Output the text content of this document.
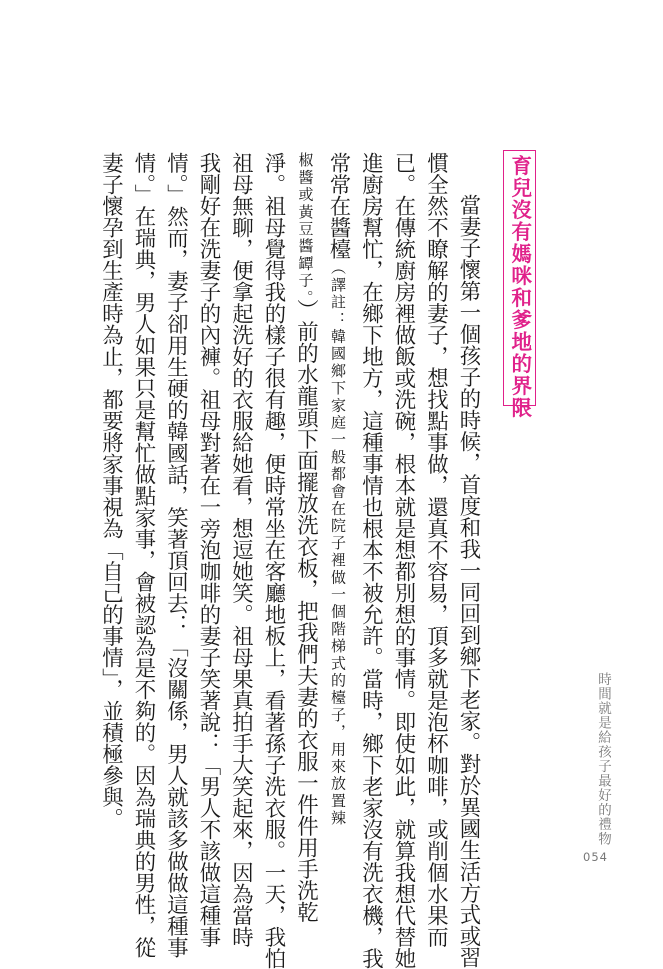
育兒沒有媽咪和爹地的界限
當妻子懷第一個孩子的時候，首度和我一同回到鄉下老家。對於異國生活方式或習
慣全然不瞭解的妻子，想找點事做，還真不容易，頂多就是泡杯咖啡，或削個水果而
已。在傳統廚房裡做飯或洗碗，根本就是想都別想的事情。即使如此，就算我想代替她
進廚房幫忙，在鄉下地方，這種事情也根本不被允許。當時，鄉下老家沒有洗衣機，我
常常在醬檯（譯註：韓國鄉下家庭一般都會在院子裡做一個階梯式的檯子，用來放置辣
椒醬或黃豆醬罈子。）前的水龍頭下面擺放洗衣板，把我們夫妻的衣服一件件用手洗乾
淨。祖母覺得我的樣子很有趣，便時常坐在客廳地板上，看著孫子洗衣服。一天，我怕
祖母無聊，便拿起洗好的衣服給她看，想逗她笑。祖母果真拍手大笑起來，因為當時
我剛好在洗妻子的內褲。祖母對著在一旁泡咖啡的妻子笑著說：「男人不該做這種事
情。」然而，妻子卻用生硬的韓國話，笑著頂回去：「沒關係，男人就該多做做這種事
情。」在瑞典，男人如果只是幫忙做點家事，會被認為是不夠的。因為瑞典的男性，從
妻子懷孕到生產時為止，都要將家事視為「自己的事情」，並積極參與。	時間就是給孩子最好的禮物
054
